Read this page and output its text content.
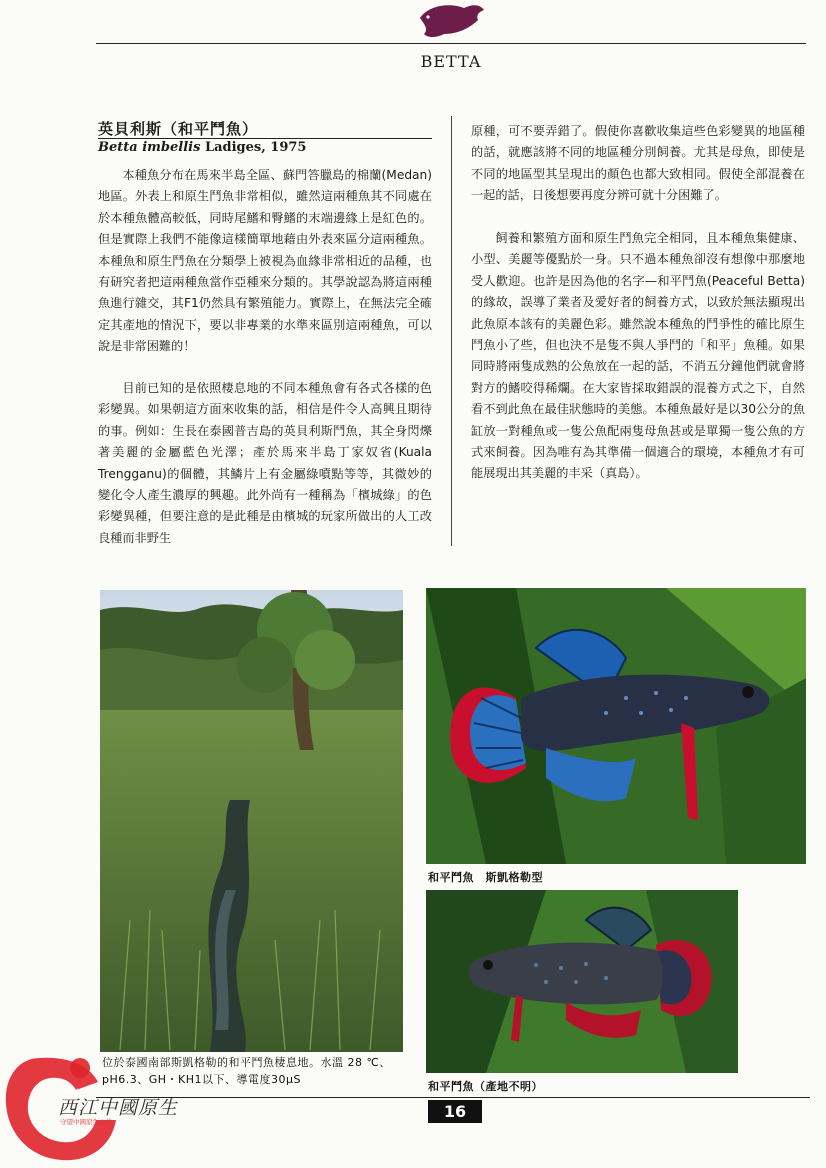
BETTA
英貝利斯（和平鬥魚）
Betta imbellis Ladiges, 1975

本種魚分布在馬來半島全區、蘇門答臘島的棉蘭(Medan)地區。外表上和原生鬥魚非常相似，雖然這兩種魚其不同處在於本種魚體高較低，同時尾鰭和臀鰭的末端邊緣上是紅色的。但是實際上我們不能像這樣簡單地藉由外表來區分這兩種魚。本種魚和原生鬥魚在分類學上被視為血緣非常相近的品種，也有研究者把這兩種魚當作亞種來分類的。其學說認為將這兩種魚進行雜交，其F1仍然具有繁殖能力。實際上，在無法完全確定其產地的情況下，要以非專業的水準來區別這兩種魚，可以說是非常困難的！

目前已知的是依照棲息地的不同本種魚會有各式各樣的色彩變異。如果朝這方面來收集的話，相信是件令人高興且期待的事。例如：生長在泰國普吉島的英貝利斯鬥魚，其全身閃爍著美麗的金屬藍色光澤；產於馬來半島丁家奴省(Kuala Trengganu)的個體，其鱗片上有金屬綠噴點等等，其微妙的變化令人產生濃厚的興趣。此外尚有一種稱為「檳城綠」的色彩變異種，但要注意的是此種是由檳城的玩家所做出的人工改良種而非野生

原種，可不要弄錯了。假使你喜歡收集這些色彩變異的地區種的話，就應該將不同的地區種分別飼養。尤其是母魚，即使是不同的地區型其呈現出的顏色也都大致相同。假使全部混養在一起的話，日後想要再度分辨可就十分困難了。

飼養和繁殖方面和原生鬥魚完全相同，且本種魚集健康、小型、美麗等優點於一身。只不過本種魚卻沒有想像中那麼地受人歡迎。也許是因為他的名字—和平鬥魚(Peaceful Betta)的緣故，誤導了業者及愛好者的飼養方式，以致於無法顯現出此魚原本該有的美麗色彩。雖然說本種魚的鬥爭性的確比原生鬥魚小了些，但也決不是隻不與人爭鬥的「和平」魚種。如果同時將兩隻成熟的公魚放在一起的話，不消五分鐘他們就會將對方的鰭咬得稀爛。在大家皆採取錯誤的混養方式之下，自然看不到此魚在最佳狀態時的美態。本種魚最好是以30公分的魚缸放一對種魚或一隻公魚配兩隻母魚甚或是單獨一隻公魚的方式來飼養。因為唯有為其準備一個適合的環境，本種魚才有可能展現出其美麗的丰采（真島）。

位於泰國南部斯凱格勒的和平鬥魚棲息地。水溫 28 ℃、pH6.3、GH・KH1以下、導電度30μS
和平鬥魚　斯凱格勒型
和平鬥魚（產地不明）
16
WWW.CGH20.COM
西江中國原生
守望中國原生之美
